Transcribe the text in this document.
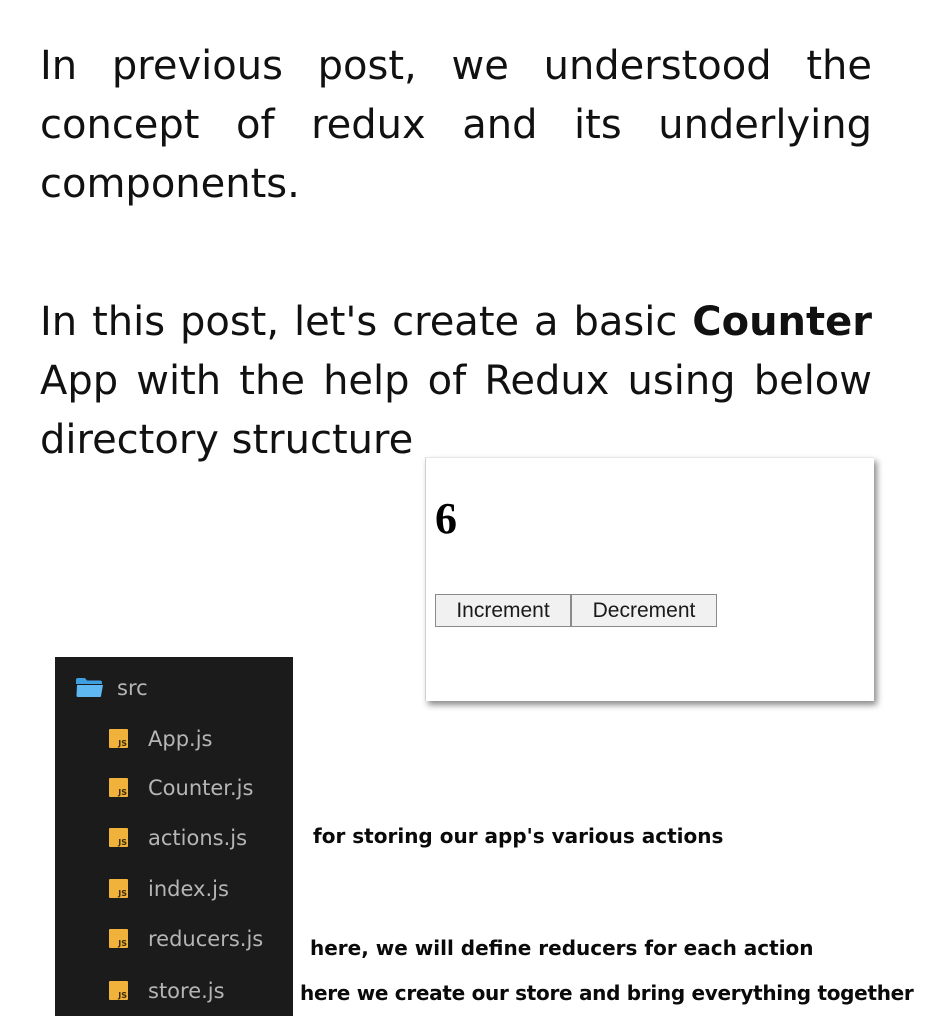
In previous post, we understood the concept of redux and its underlying components.

In this post, let's create a basic Counter App with the help of Redux using below directory structure

6
Increment	Decrement
src
JS App.js
JS Counter.js
JS actions.js
JS index.js
JS reducers.js
JS store.js
for storing our app's various actions
here, we will define reducers for each action
here we create our store and bring everything together
